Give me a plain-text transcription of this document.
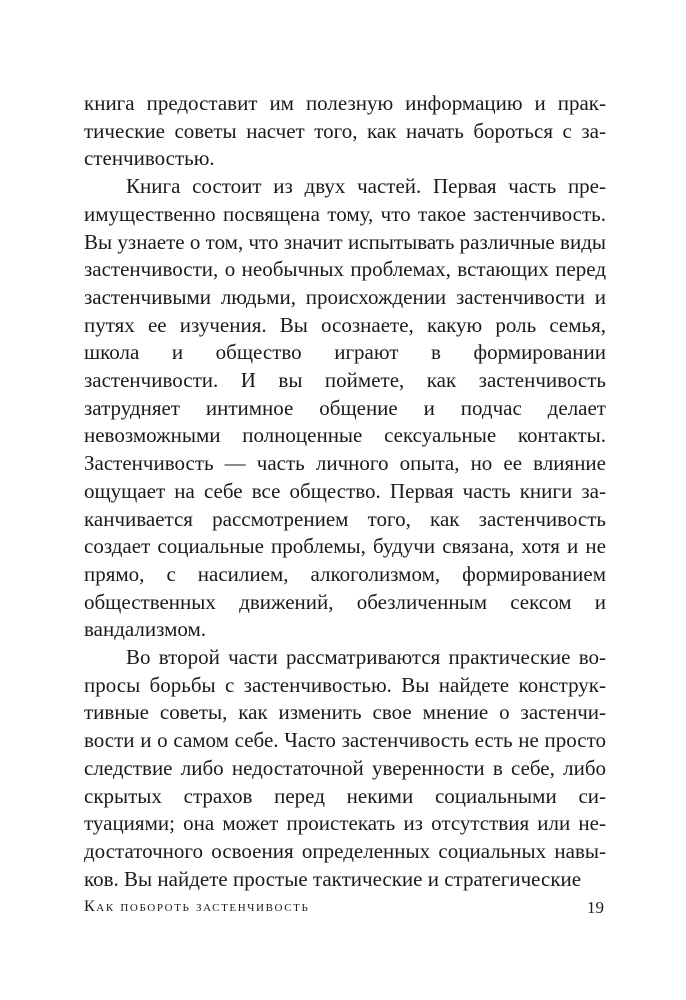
книга предоставит им полезную информацию и практические советы насчет того, как начать бороться с застенчивостью.

Книга состоит из двух частей. Первая часть преимущественно посвящена тому, что такое застенчивость. Вы узнаете о том, что значит испытывать различные виды застенчивости, о необычных проблемах, встающих перед застенчивыми людьми, происхождении застенчивости и путях ее изучения. Вы осознаете, какую роль семья, школа и общество играют в формировании застенчивости. И вы поймете, как застенчивость затрудняет интимное общение и подчас делает невозможными полноценные сексуальные контакты. Застенчивость — часть личного опыта, но ее влияние ощущает на себе все общество. Первая часть книги заканчивается рассмотрением того, как застенчивость создает социальные проблемы, будучи связана, хотя и не прямо, с насилием, алкоголизмом, формированием общественных движений, обезличенным сексом и вандализмом.

Во второй части рассматриваются практические вопросы борьбы с застенчивостью. Вы найдете конструктивные советы, как изменить свое мнение о застенчивости и о самом себе. Часто застенчивость есть не просто следствие либо недостаточной уверенности в себе, либо скрытых страхов перед некими социальными ситуациями; она может проистекать из отсутствия или недостаточного освоения определенных социальных навыков. Вы найдете простые тактические и стратегические

Как побороть застенчивость	19
